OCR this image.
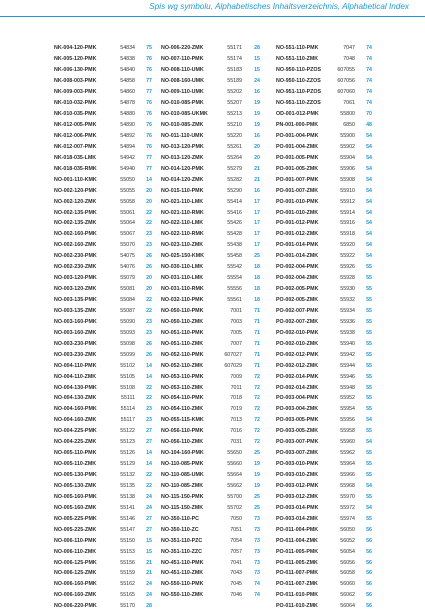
Spis wg symbolu, Alphabetisches Inhaltsverzeichnis, Alphabetical Index
NK-004-120-PMK	54834	75
NK-005-120-PMK	54838	76
NK-006-130-PMK	54840	76
NK-008-003-PMK	54858	77
NK-009-003-PMK	54860	77
NK-010-032-PMK	54878	76
NK-010-035-PMK	54880	76
NK-012-005-PMK	54890	76
NK-012-006-PMK	54892	76
NK-012-007-PMK	54894	76
NK-018-035-LMK	54942	77
NK-018-035-RMK	54940	77
NO-001-110-KMK	55050	14
NO-002-120-PMK	55055	20
NO-002-120-ZMK	55058	20
NO-002-135-PMK	55061	22
NO-002-135-ZMK	55064	22
NO-002-160-PMK	55067	23
NO-002-160-ZMK	55070	23
NO-002-230-PMK	54075	26
NO-002-230-ZMK	54076	26
NO-003-120-PMK	55079	20
NO-003-120-ZMK	55081	20
NO-003-135-PMK	55084	22
NO-003-135-ZMK	55087	22
NO-003-160-PMK	55090	23
NO-003-160-ZMK	55093	23
NO-003-230-PMK	55098	26
NO-003-230-ZMK	55099	26
NO-004-110-PMK	55102	14
NO-004-110-ZMK	55105	14
NO-004-130-PMK	55108	22
NO-004-130-ZMK	55111	22
NO-004-160-PMK	55114	23
NO-004-160-ZMK	55117	23
NO-004-225-PMK	55122	27
NO-004-225-ZMK	55123	27
NO-005-110-PMK	55126	14
NO-005-110-ZMK	55129	14
NO-005-130-PMK	55132	22
NO-005-130-ZMK	55135	22
NO-005-160-PMK	55138	24
NO-005-160-ZMK	55141	24
NO-005-225-PMK	55146	27
NO-005-225-ZMK	55147	27
NO-006-110-PMK	55150	15
NO-006-110-ZMK	55153	15
NO-006-125-PMK	55156	21
NO-006-125-ZMK	55159	21
NO-006-160-PMK	55162	24
NO-006-160-ZMK	55165	24
NO-006-220-PMK	55170	28
NO-006-220-ZMK	55171	28
NO-007-110-PMK	55174	15
NO-008-110-UMK	55183	15
NO-008-160-UMK	55189	24
NO-009-110-UMK	55202	16
NO-010-085-PMK	55207	19
NO-010-085-UKMK	55213	19
NO-010-085-ZMK	55210	19
NO-011-110-UMK	55220	16
NO-013-120-PMK	55261	20
NO-013-120-ZMK	55264	20
NO-014-120-PMK	55279	21
NO-014-120-ZMK	55282	21
NO-015-110-PMK	55290	16
NO-021-110-LMK	55414	17
NO-021-110-RMK	55416	17
NO-022-110-LMK	55426	17
NO-022-110-RMK	55428	17
NO-023-110-ZMK	55438	17
NO-025-150-KMK	55458	25
NO-030-110-LMK	55542	18
NO-031-110-LMK	55554	18
NO-031-110-RMK	55556	18
NO-032-110-PMK	55561	18
NO-050-110-PMK	7001	71
NO-050-110-ZMK	7003	71
NO-051-110-PMK	7005	71
NO-051-110-ZMK	7007	71
NO-052-110-PMK	607027	71
NO-052-110-ZMK	607029	71
NO-053-110-PMK	7009	72
NO-053-110-ZMK	7011	72
NO-054-110-PMK	7018	72
NO-054-110-ZMK	7019	72
NO-055-115-KMK	7013	72
NO-056-110-PMK	7016	72
NO-056-110-ZMK	7031	72
NO-104-160-PMK	55650	25
NO-110-085-PMK	55660	19
NO-110-085-UMK	55664	19
NO-110-085-ZMK	55662	19
NO-115-150-PMK	55700	25
NO-115-150-ZMK	55702	25
NO-350-110-PC	7050	73
NO-350-110-ZC	7051	73
NO-351-110-PZC	7054	73
NO-351-110-ZZC	7057	73
NO-451-110-PMK	7041	73
NO-451-110-ZMK	7043	73
NO-550-110-PMK	7045	74
NO-550-110-ZMK	7046	74
NO-551-110-PMK	7047	74
NO-551-110-ZMK	7048	74
NO-950-110-PZOS	607055	74
NO-950-110-ZZOS	607056	74
NO-951-110-PZOS	607060	74
NO-951-110-ZZOS	7061	74
OD-001-012-PMK	55800	70
PN-001-000-PMK	6850	48
PO-001-004-PMK	55900	54
PO-001-004-ZMK	55902	54
PO-001-005-PMK	55904	54
PO-001-005-ZMK	55906	54
PO-001-007-PMK	55908	54
PO-001-007-ZMK	55910	54
PO-001-010-PMK	55912	54
PO-001-010-ZMK	55914	54
PO-001-012-PMK	55916	54
PO-001-012-ZMK	55918	54
PO-001-014-PMK	55920	54
PO-001-014-ZMK	55922	54
PO-002-004-PMK	55926	55
PO-002-004-ZMK	55928	55
PO-002-005-PMK	55930	55
PO-002-005-ZMK	55932	55
PO-002-007-PMK	55934	55
PO-002-007-ZMK	55936	55
PO-002-010-PMK	55938	55
PO-002-010-ZMK	55940	55
PO-002-012-PMK	55942	55
PO-002-012-ZMK	55944	55
PO-002-014-PMK	55946	55
PO-002-014-ZMK	55948	55
PO-003-004-PMK	55952	55
PO-003-004-ZMK	55954	55
PO-003-005-PMK	55956	54
PO-003-005-ZMK	55958	55
PO-003-007-PMK	55960	54
PO-003-007-ZMK	55962	55
PO-003-010-PMK	55964	55
PO-003-010-ZMK	55966	55
PO-003-012-PMK	55968	54
PO-003-012-ZMK	55970	55
PO-003-014-PMK	55972	54
PO-003-014-ZMK	55974	55
PO-011-004-PMK	56050	56
PO-011-004-ZMK	56052	56
PO-011-005-PMK	56054	56
PO-011-005-ZMK	56056	56
PO-011-007-PMK	56058	56
PO-011-007-ZMK	56060	56
PO-011-010-PMK	56062	56
PO-011-010-ZMK	56064	56
